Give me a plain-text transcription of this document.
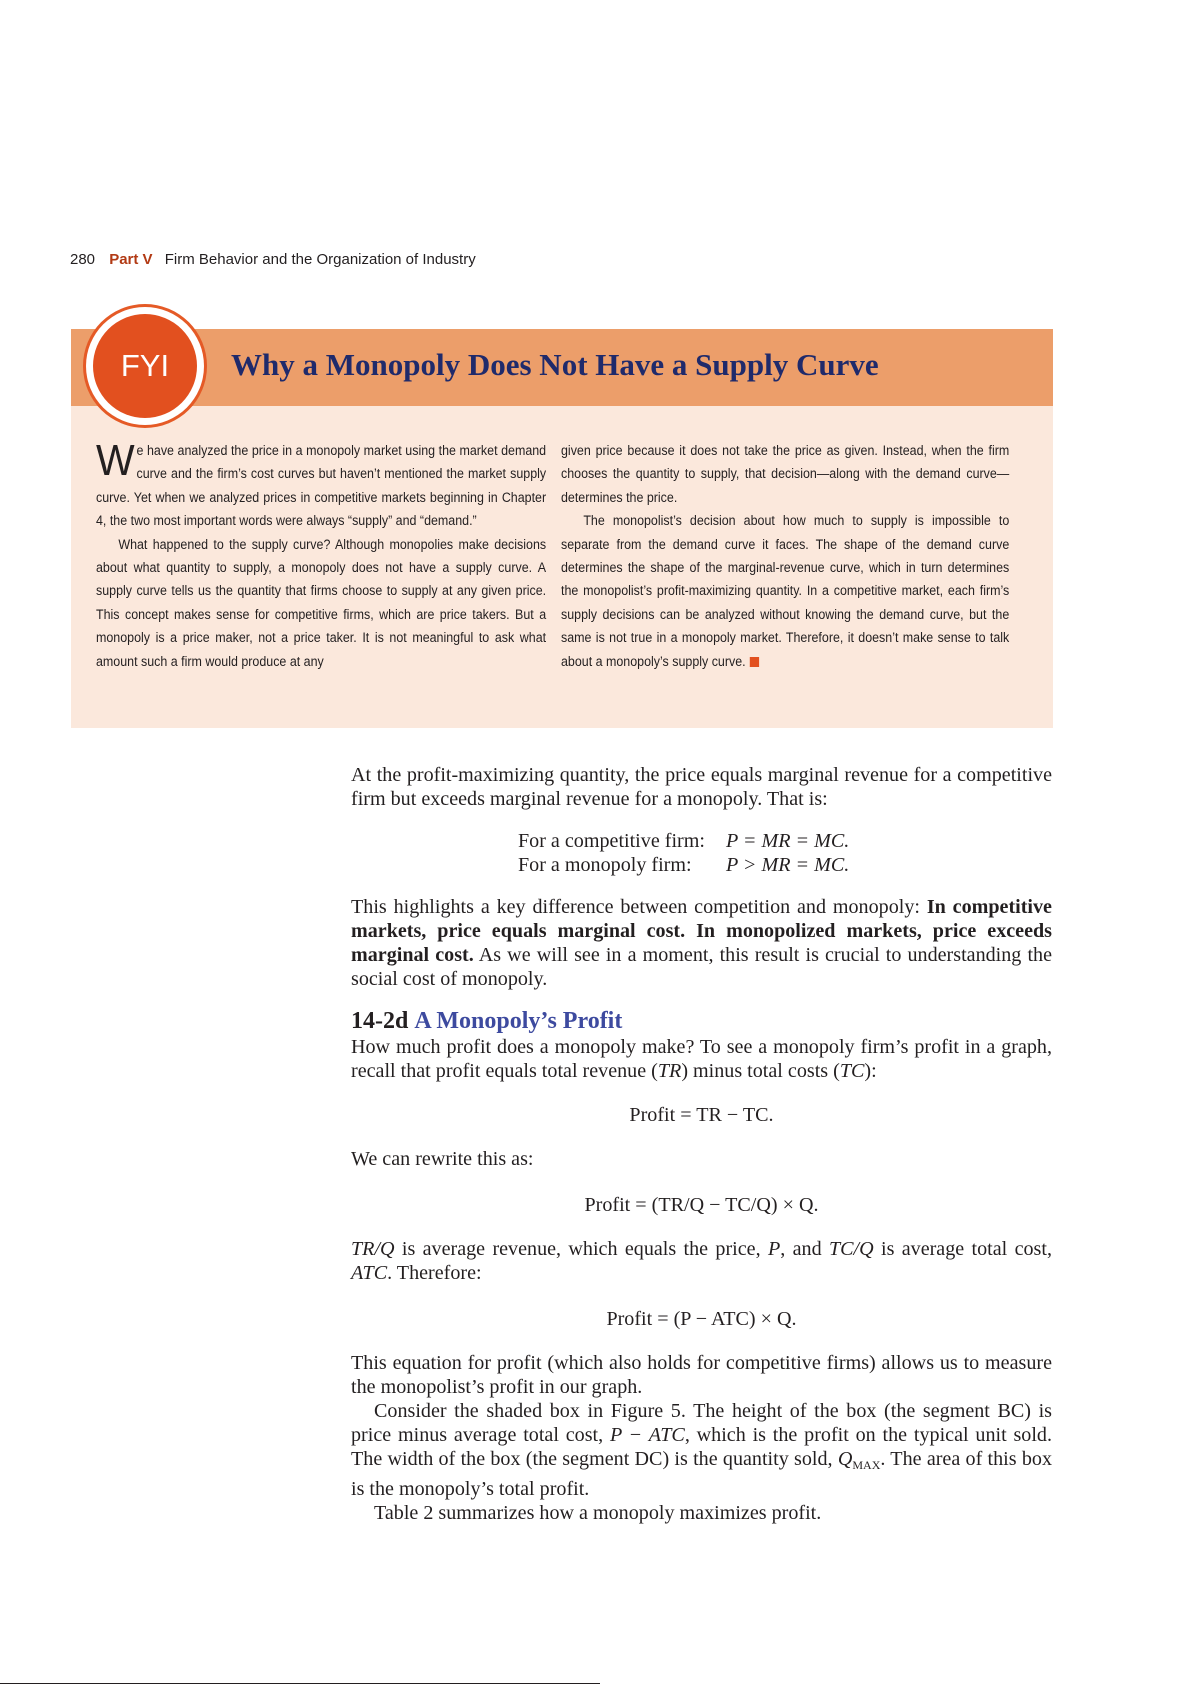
280 Part V Firm Behavior and the Organization of Industry
FYI	Why a Monopoly Does Not Have a Supply Curve

We have analyzed the price in a monopoly market using the market demand curve and the firm’s cost curves but haven’t mentioned the market supply curve. Yet when we analyzed prices in competitive markets beginning in Chapter 4, the two most important words were always “supply” and “demand.”

What happened to the supply curve? Although monopolies make decisions about what quantity to supply, a monopoly does not have a supply curve. A supply curve tells us the quantity that firms choose to supply at any given price. This concept makes sense for competitive firms, which are price takers. But a monopoly is a price maker, not a price taker. It is not meaningful to ask what amount such a firm would produce at any

given price because it does not take the price as given. Instead, when the firm chooses the quantity to supply, that decision—along with the demand curve—determines the price.

The monopolist’s decision about how much to supply is impossible to separate from the demand curve it faces. The shape of the demand curve determines the shape of the marginal-revenue curve, which in turn determines the monopolist’s profit-maximizing quantity. In a competitive market, each firm’s supply decisions can be analyzed without knowing the demand curve, but the same is not true in a monopoly market. Therefore, it doesn’t make sense to talk about a monopoly’s supply curve.

At the profit-maximizing quantity, the price equals marginal revenue for a competitive firm but exceeds marginal revenue for a monopoly. That is:

For a competitive firm:	P = MR = MC.
For a monopoly firm:	P > MR = MC.

This highlights a key difference between competition and monopoly: In competitive markets, price equals marginal cost. In monopolized markets, price exceeds marginal cost. As we will see in a moment, this result is crucial to understanding the social cost of monopoly.

14-2d A Monopoly’s Profit

How much profit does a monopoly make? To see a monopoly firm’s profit in a graph, recall that profit equals total revenue (TR) minus total costs (TC):

Profit = TR − TC.

We can rewrite this as:

Profit = (TR/Q − TC/Q) × Q.

TR/Q is average revenue, which equals the price, P, and TC/Q is average total cost, ATC. Therefore:

Profit = (P − ATC) × Q.

This equation for profit (which also holds for competitive firms) allows us to measure the monopolist’s profit in our graph.

Consider the shaded box in Figure 5. The height of the box (the segment BC) is price minus average total cost, P − ATC, which is the profit on the typical unit sold. The width of the box (the segment DC) is the quantity sold, $Q_{MAX}$. The area of this box is the monopoly’s total profit.

Table 2 summarizes how a monopoly maximizes profit.
